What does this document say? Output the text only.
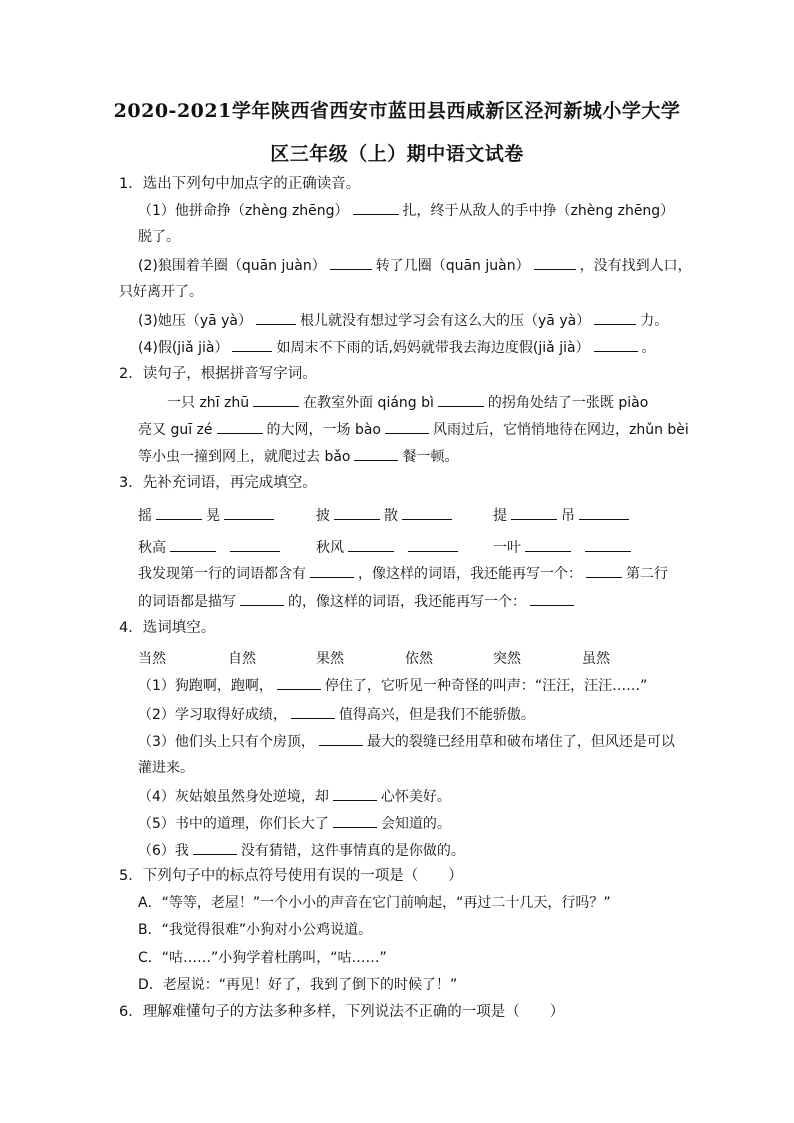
2020-2021学年陕西省西安市蓝田县西咸新区泾河新城小学大学
区三年级（上）期中语文试卷
1．选出下列句中加点字的正确读音。
（1）他拼命挣（zhèng zhēng）	扎，终于从敌人的手中挣（zhèng zhēng）
脱了。
(2)狼围着羊圈（quān juàn）	转了几圈（quān juàn）	，没有找到人口，
只好离开了。
(3)她压（yā yà）	根儿就没有想过学习会有这么大的压（yā yà）	力。
(4)假(jiǎ jià）	如周末不下雨的话,妈妈就带我去海边度假(jiǎ jià）	。
2．读句子，根据拼音写字词。
一只 zhī zhū	在教室外面 qiáng bì	的拐角处结了一张既 piào
亮又 guī zé	的大网，一场 bào	风雨过后，它悄悄地待在网边，zhǔn bèi
等小虫一撞到网上，就爬过去 bǎo	餐一顿。
3．先补充词语，再完成填空。
摇	晃	披	散	提	吊
秋高	秋风	一叶
我发现第一行的词语都含有	，像这样的词语，我还能再写一个：	第二行
的词语都是描写	的，像这样的词语，我还能再写一个：
4．选词填空。
当然	自然	果然	依然	突然	虽然
（1）狗跑啊，跑啊，	停住了，它听见一种奇怪的叫声：“汪汪，汪汪……”
（2）学习取得好成绩，	值得高兴，但是我们不能骄傲。
（3）他们头上只有个房顶，	最大的裂缝已经用草和破布堵住了，但风还是可以
灌进来。
（4）灰姑娘虽然身处逆境，却	心怀美好。
（5）书中的道理，你们长大了	会知道的。
（6）我	没有猜错，这件事情真的是你做的。
5．下列句子中的标点符号使用有误的一项是（ ）
A．“等等，老屋！”一个小小的声音在它门前响起，“再过二十几天，行吗？”
B．“我觉得很难”小狗对小公鸡说道。
C．“咕……”小狗学着杜鹃叫，“咕……”
D．老屋说：“再见！好了，我到了倒下的时候了！”
6．理解难懂句子的方法多种多样，下列说法不正确的一项是（ ）
